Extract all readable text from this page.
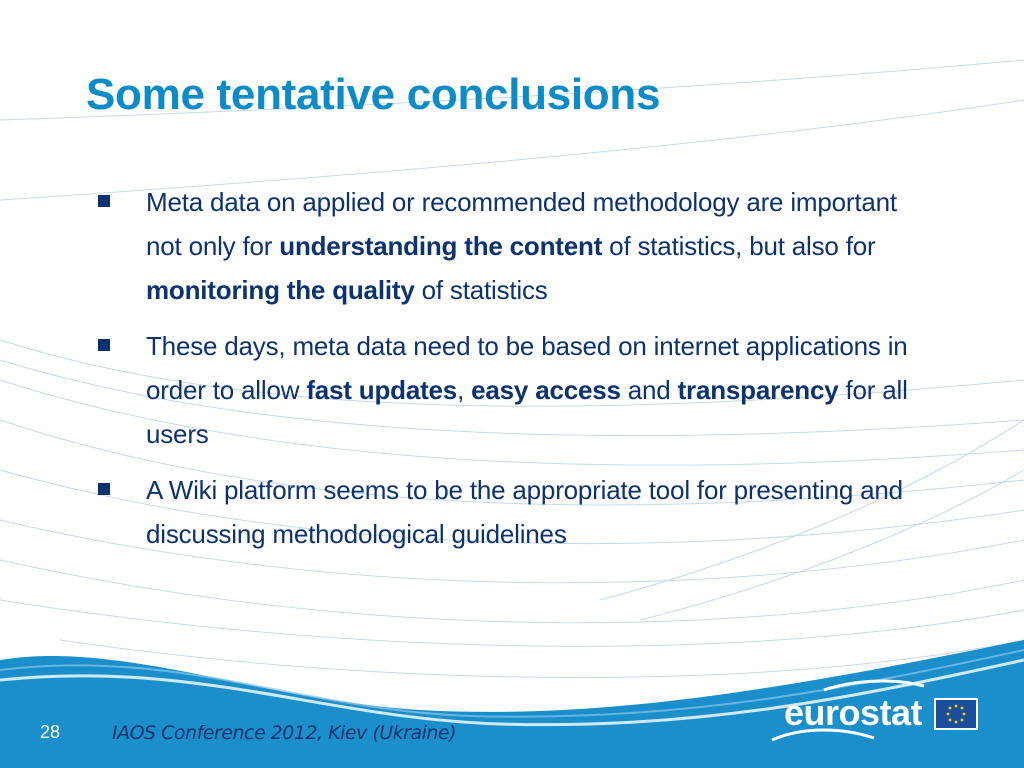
Some tentative conclusions
Meta data on applied or recommended methodology are important not only for understanding the content of statistics, but also for monitoring the quality of statistics
These days, meta data need to be based on internet applications in order to allow fast updates, easy access and transparency for all users
A Wiki platform seems to be the appropriate tool for presenting and discussing methodological guidelines
28	IAOS Conference 2012, Kiev (Ukraine)	eurostat
